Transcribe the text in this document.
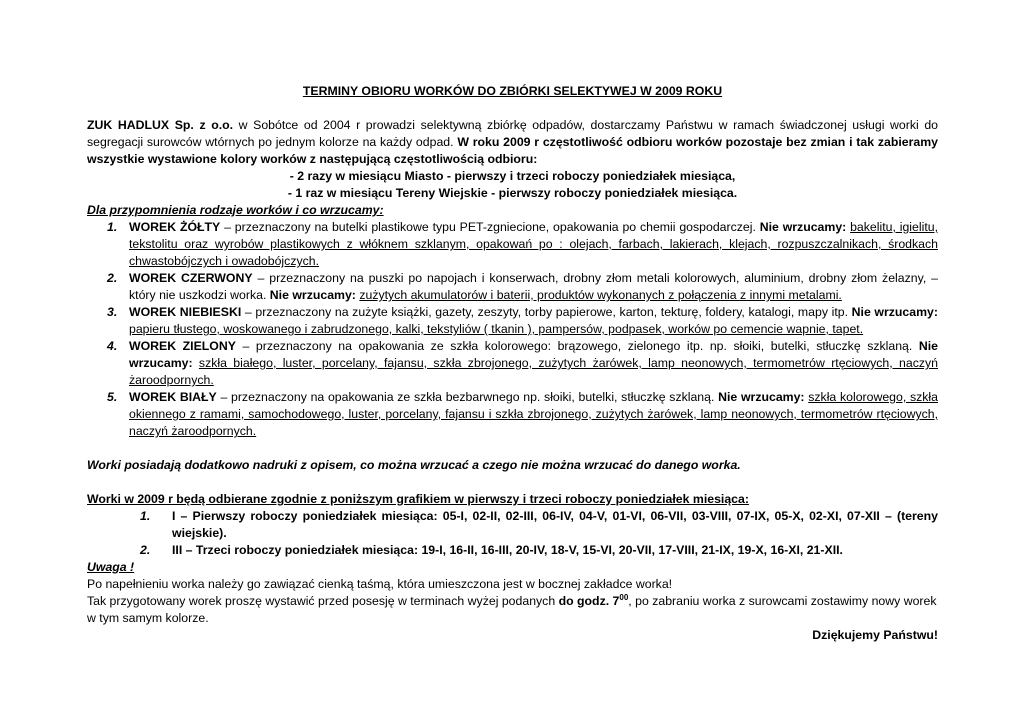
TERMINY OBIORU WORKÓW DO ZBIÓRKI SELEKTYWEJ W 2009 ROKU
ZUK HADLUX Sp. z o.o. w Sobótce od 2004 r prowadzi selektywną zbiórkę odpadów, dostarczamy Państwu w ramach świadczonej usługi worki do segregacji surowców wtórnych po jednym kolorze na każdy odpad. W roku 2009 r częstotliwość odbioru worków pozostaje bez zmian i tak zabieramy wszystkie wystawione kolory worków z następującą częstotliwością odbioru:
- 2 razy w miesiącu Miasto - pierwszy i trzeci roboczy poniedziałek miesiąca,
- 1 raz w miesiącu Tereny Wiejskie - pierwszy roboczy poniedziałek miesiąca.
Dla przypomnienia rodzaje worków i co wrzucamy:
1. WOREK ŻÓŁTY – przeznaczony na butelki plastikowe typu PET-zgniecione, opakowania po chemii gospodarczej. Nie wrzucamy: bakelitu, igielitu, tekstolitu oraz wyrobów plastikowych z włóknem szklanym, opakowań po : olejach, farbach, lakierach, klejach, rozpuszczalnikach, środkach chwastobójczych i owadobójczych.
2. WOREK CZERWONY – przeznaczony na puszki po napojach i konserwach, drobny złom metali kolorowych, aluminium, drobny złom żelazny, – który nie uszkodzi worka. Nie wrzucamy: zużytych akumulatorów i baterii, produktów wykonanych z połączenia z innymi metalami.
3. WOREK NIEBIESKI – przeznaczony na zużyte książki, gazety, zeszyty, torby papierowe, karton, tekturę, foldery, katalogi, mapy itp. Nie wrzucamy: papieru tłustego, woskowanego i zabrudzonego, kalki, tekstyliów ( tkanin ), pampersów, podpasek, worków po cemencie wapnie, tapet.
4. WOREK ZIELONY – przeznaczony na opakowania ze szkła kolorowego: brązowego, zielonego itp. np. słoiki, butelki, stłuczkę szklaną. Nie wrzucamy: szkła białego, luster, porcelany, fajansu, szkła zbrojonego, zużytych żarówek, lamp neonowych, termometrów rtęciowych, naczyń żaroodpornych.
5. WOREK BIAŁY – przeznaczony na opakowania ze szkła bezbarwnego np. słoiki, butelki, stłuczkę szklaną. Nie wrzucamy: szkła kolorowego, szkła okiennego z ramami, samochodowego, luster, porcelany, fajansu i szkła zbrojonego, zużytych żarówek, lamp neonowych, termometrów rtęciowych, naczyń żaroodpornych.
Worki posiadają dodatkowo nadruki z opisem, co można wrzucać a czego nie można wrzucać do danego worka.
Worki w 2009 r będą odbierane zgodnie z poniższym grafikiem w pierwszy i trzeci roboczy poniedziałek miesiąca:
1. I – Pierwszy roboczy poniedziałek miesiąca: 05-I, 02-II, 02-III, 06-IV, 04-V, 01-VI, 06-VII, 03-VIII, 07-IX, 05-X, 02-XI, 07-XII – (tereny wiejskie).
2. III – Trzeci roboczy poniedziałek miesiąca: 19-I, 16-II, 16-III, 20-IV, 18-V, 15-VI, 20-VII, 17-VIII, 21-IX, 19-X, 16-XI, 21-XII.
Uwaga !
Po napełnieniu worka należy go zawiązać cienką taśmą, która umieszczona jest w bocznej zakładce worka!
Tak przygotowany worek proszę wystawić przed posesję w terminach wyżej podanych do godz. $7^{00}$, po zabraniu worka z surowcami zostawimy nowy worek w tym samym kolorze.
Dziękujemy Państwu!
